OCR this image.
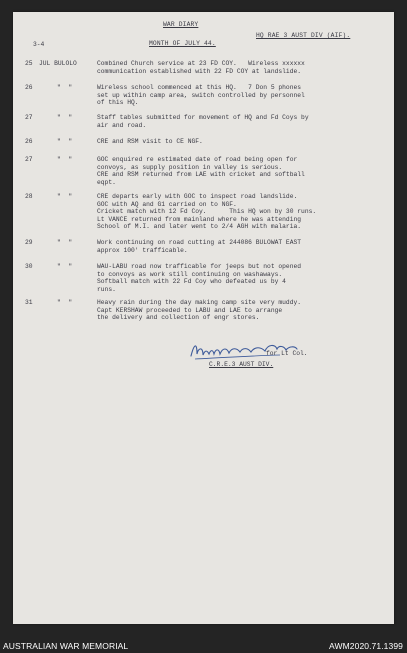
WAR DIARY
HQ RAE 3 AUST DIV (AIF).
MONTH OF JULY 44.
3-4
25 JUL BULOLO	Combined Church service at 23 FD COY.   Wireless xxxxxx
communication established with 22 FD COY at landslide.
26	"  "	Wireless school commenced at this HQ.   7 Don 5 phones
set up within camp area, switch controlled by personnel
of this HQ.
27	"  "	Staff tables submitted for movement of HQ and Fd Coys by
air and road.
26	"  "	CRE and RSM visit to CE NGF.
27	"  "	GOC enquired re estimated date of road being open for
convoys, as supply position in valley is serious.
CRE and RSM returned from LAE with cricket and softball
eqpt.
28	"  "	CRE departs early with GOC to inspect road landslide.
GOC with AQ and G1 carried on to NGF.
Cricket match with 12 Fd Coy.      This HQ won by 30 runs.
Lt VANCE returned from mainland where he was attending
School of M.I. and later went to 2/4 AGH with malaria.
29	"  "	Work continuing on road cutting at 244086 BULOWAT EAST
approx 100' trafficable.
30	"  "	WAU-LABU road now trafficable for jeeps but not opened
to convoys as work still continuing on washaways.
Softball match with 22 Fd Coy who defeated us by 4
runs.
31	"  "	Heavy rain during the day making camp site very muddy.
Capt KERSHAW proceeded to LABU and LAE to arrange
the delivery and collection of engr stores.
for Lt Col.
C.R.E.3 AUST DIV.
AUSTRALIAN WAR MEMORIAL	AWM2020.71.1399
